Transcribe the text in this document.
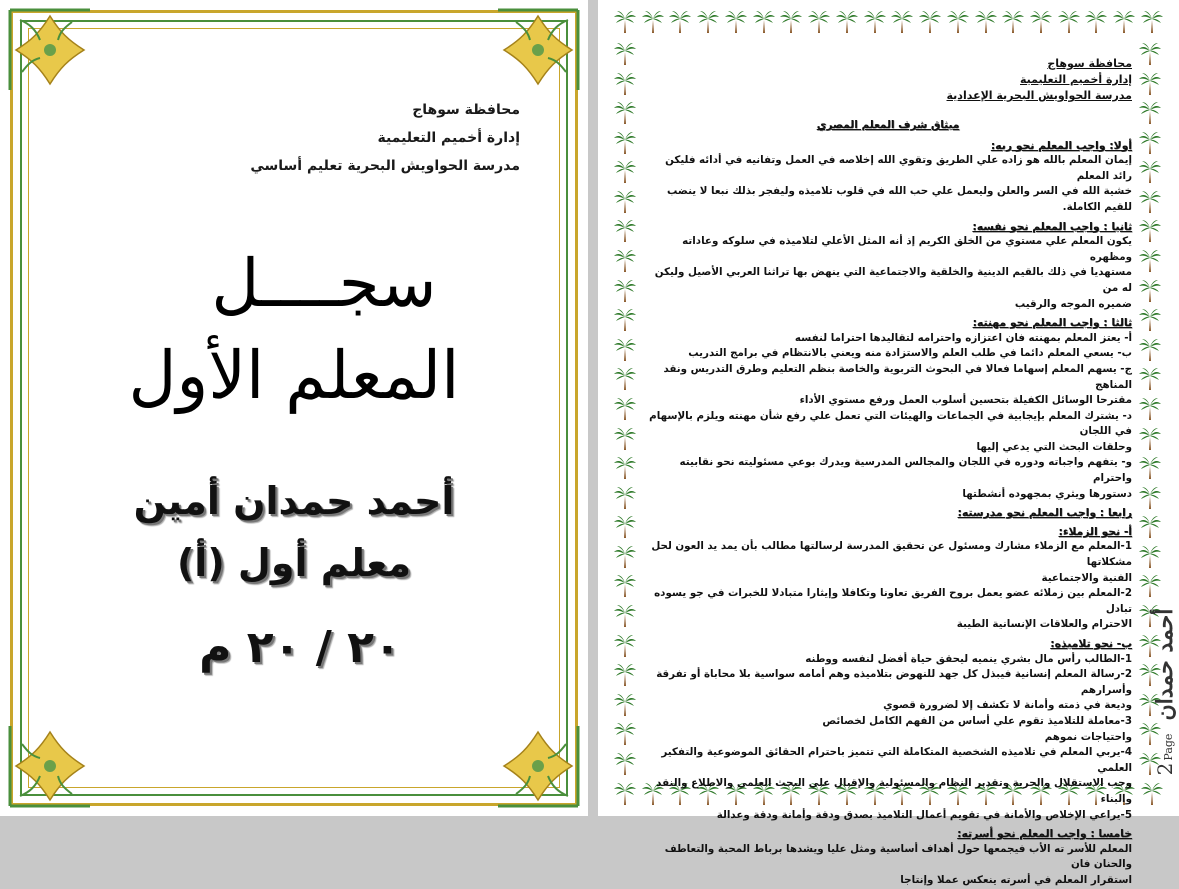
محافظة سوهاج
إدارة أخميم التعليمية
مدرسة الحواويش البحرية تعليم أساسي
سجــــل
المعلم الأول
أحمد حمدان أمين
معلم أول (أ)
٢٠ / ٢٠ م
محافظة سوهاج
إدارة أخميم التعليمية
مدرسة الحواويش البحرية الإعدادية
ميثاق شرف المعلم المصري
أولا: واجب المعلم نحو ربه:
إيمان المعلم بالله هو زاده علي الطريق وتقوي الله إخلاصه في العمل وتفانيه في أدائه فليكن رائد المعلم
خشية الله في السر والعلن وليعمل علي حب الله في قلوب تلاميذه وليفجر بذلك نبعا لا ينضب للقيم الكاملة.
ثانيا : واجب المعلم نحو نفسه:
يكون المعلم علي مستوي من الخلق الكريم إذ أنه المثل الأعلي لتلاميذه في سلوكه وعاداته ومظهره
مستهديا في ذلك بالقيم الدينية والخلقية والاجتماعية التي ينهض بها تراثنا العربي الأصيل وليكن له من
ضميره الموجه والرقيب
ثالثا : واجب المعلم نحو مهنته:
أ- يعتز المعلم بمهنته فان اعتزازه واحترامه لتقاليدها احتراما لنفسه
ب- يسعي المعلم دائما في طلب العلم والاستزادة منه ويعني بالانتظام في برامج التدريب
ج- يسهم المعلم إسهاما فعالا في البحوث التربوية والخاصة بنظم التعليم وطرق التدريس ونقد المناهج
مقترحا الوسائل الكفيلة بتحسين أسلوب العمل ورفع مستوي الأداء
د- يشترك المعلم بإيجابية في الجماعات والهيئات التي تعمل علي رفع شأن مهنته ويلزم بالإسهام في اللجان
وحلقات البحث التي يدعي إليها
و- يتفهم واجباته ودوره في اللجان والمجالس المدرسية ويدرك بوعي مسئوليته نحو نقابيته واحترام
دستورها ويثري بمجهوده أنشطتها
رابعا : واجب المعلم نحو مدرسته:
أ- نحو الزملاء:
1-المعلم مع الزملاء مشارك ومسئول عن تحقيق المدرسة لرسالتها مطالب بأن يمد يد العون لحل مشكلاتها
الفنية والاجتماعية
2-المعلم بين زملائه عضو يعمل بروح الفريق تعاونا وتكافلا وإيثارا متبادلا للخبرات في جو يسوده تبادل
الاحترام والعلاقات الإنسانية الطيبة
ب- نحو تلاميذه:
1-الطالب رأس مال بشري ينميه ليحقق حياة أفضل لنفسه ووطنه
2-رسالة المعلم إنسانية فيبذل كل جهد للنهوض بتلاميذه وهم أمامه سواسية بلا محاباة أو تفرقة وأسرارهم
وديعة في ذمته وأمانة لا تكشف إلا لضرورة قصوي
3-معاملة للتلاميذ تقوم علي أساس من الفهم الكامل لخصائص
واحتياجات نموهم
4-يربي المعلم في تلاميذه الشخصية المتكاملة التي تتميز باحترام الحقائق الموضوعية والتفكير العلمي
وحب الاستقلال والحرية وتقدير النظام والمسئولية والإقبال علي البحث العلمي والاطلاع والنقد والبناء
5-يراعي الإخلاص والأمانة في تقويم أعمال التلاميذ بصدق ودقة وأمانة ودقة وعدالة
خامسا : واجب المعلم نحو أسرته:
المعلم للأسر ته الأب فيجمعها حول أهداف أساسية ومثل عليا ويشدها برباط المحبة والتعاطف والحنان فان
استقرار المعلم في أسرته ينعكس عملا وإنتاجا
أحمد حمدان 2Page
